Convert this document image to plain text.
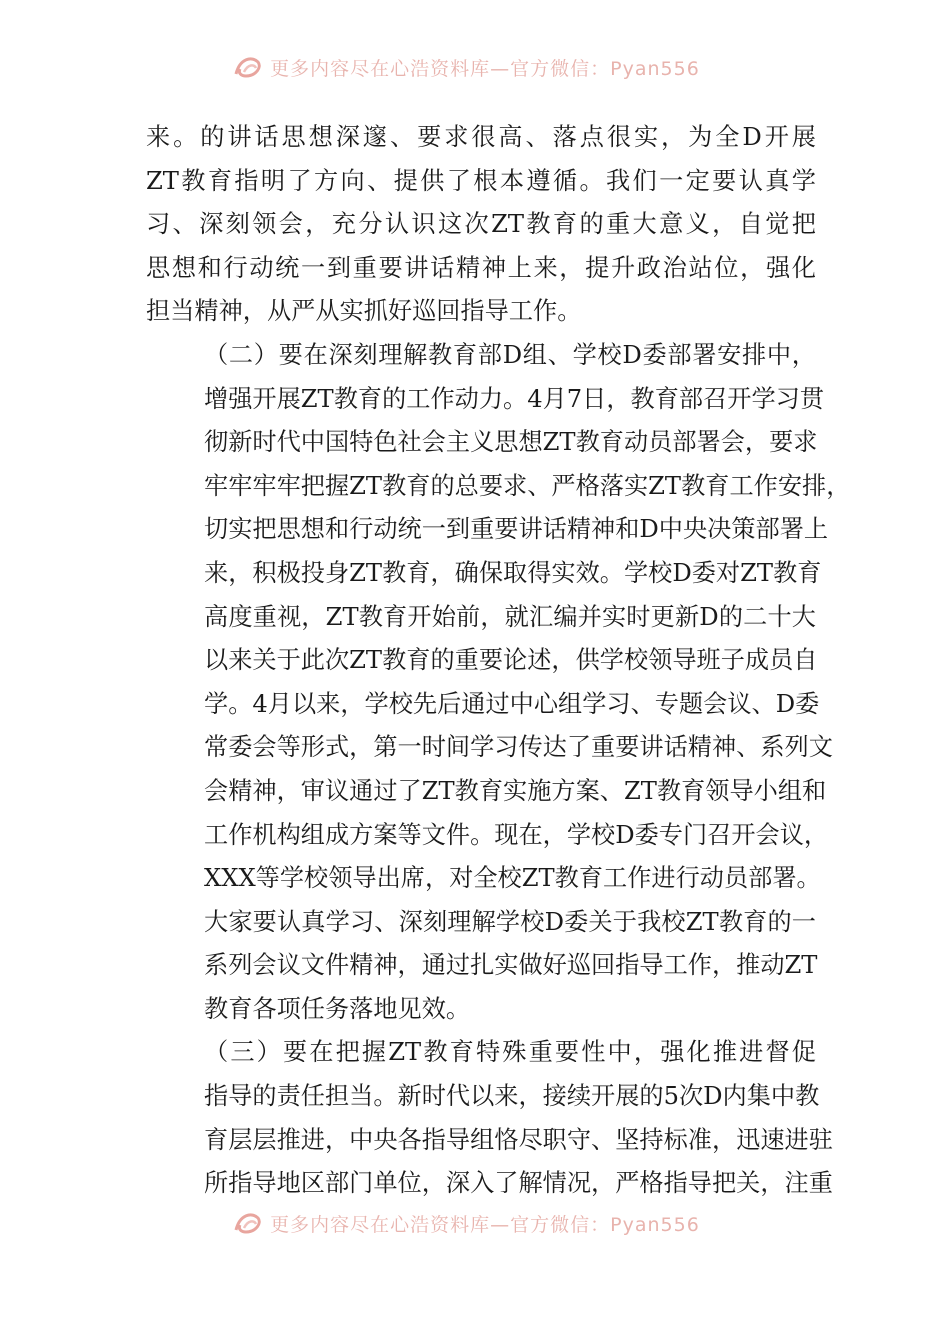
更多内容尽在心浩资料库—官方微信：Pyan556

来。的讲话思想深邃、要求很高、落点很实，为全D开展
ZT教育指明了方向、提供了根本遵循。我们一定要认真学
习、深刻领会，充分认识这次ZT教育的重大意义，自觉把
思想和行动统一到重要讲话精神上来，提升政治站位，强化
担当精神，从严从实抓好巡回指导工作。

（二）要在深刻理解教育部D组、学校D委部署安排中，
增强开展ZT教育的工作动力。4月7日，教育部召开学习贯
彻新时代中国特色社会主义思想ZT教育动员部署会，要求
牢牢牢牢把握ZT教育的总要求、严格落实ZT教育工作安排，
切实把思想和行动统一到重要讲话精神和D中央决策部署上
来，积极投身ZT教育，确保取得实效。学校D委对ZT教育
高度重视，ZT教育开始前，就汇编并实时更新D的二十大
以来关于此次ZT教育的重要论述，供学校领导班子成员自
学。4月以来，学校先后通过中心组学习、专题会议、D委
常委会等形式，第一时间学习传达了重要讲话精神、系列文
会精神，审议通过了ZT教育实施方案、ZT教育领导小组和
工作机构组成方案等文件。现在，学校D委专门召开会议，
XXX等学校领导出席，对全校ZT教育工作进行动员部署。
大家要认真学习、深刻理解学校D委关于我校ZT教育的一
系列会议文件精神，通过扎实做好巡回指导工作，推动ZT
教育各项任务落地见效。

（三）要在把握ZT教育特殊重要性中，强化推进督促
指导的责任担当。新时代以来，接续开展的5次D内集中教
育层层推进，中央各指导组恪尽职守、坚持标准，迅速进驻
所指导地区部门单位，深入了解情况，严格指导把关，注重

更多内容尽在心浩资料库—官方微信：Pyan556
